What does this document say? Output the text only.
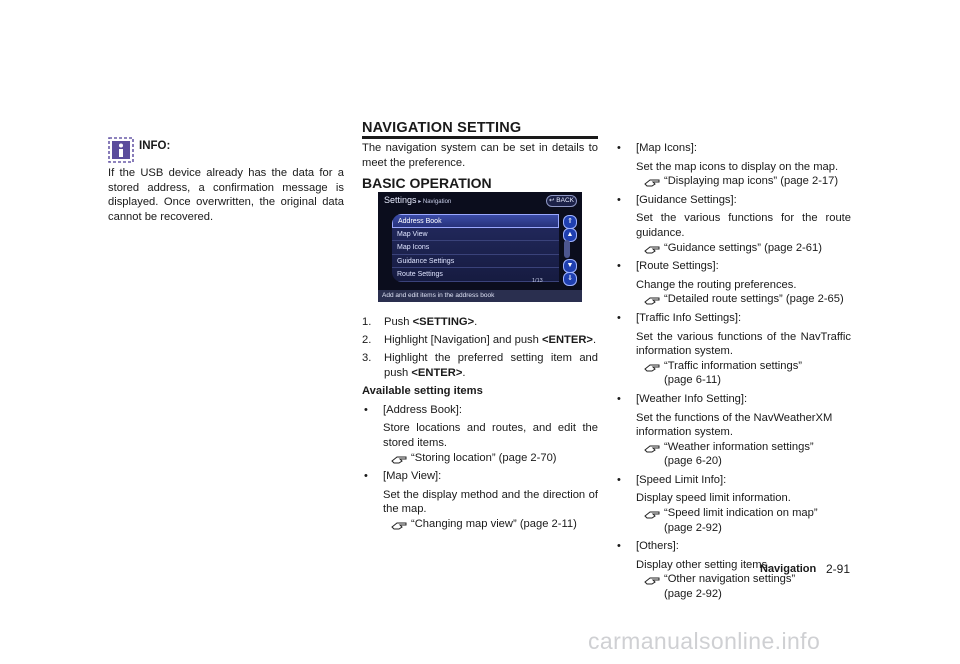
INFO:
If the USB device already has the data for a stored address, a confirmation message is displayed. Once overwritten, the original data cannot be recovered.
NAVIGATION SETTING
The navigation system can be set in details to meet the preference.
BASIC OPERATION
Settings ▸ Navigation	↩ BACK
Address Book
Map View
Map Icons
Guidance Settings
Route Settings
⇑
▲
▼
⇓
1/13
Add and edit items in the address book
1. Push <SETTING>.
2. Highlight [Navigation] and push <ENTER>.
3. Highlight the preferred setting item and push <ENTER>.
Available setting items
• [Address Book]:
Store locations and routes, and edit the stored items.
“Storing location” (page 2-70)
• [Map View]:
Set the display method and the direction of the map.
“Changing map view” (page 2-11)
• [Map Icons]:
Set the map icons to display on the map.
“Displaying map icons” (page 2-17)
• [Guidance Settings]:
Set the various functions for the route guidance.
“Guidance settings” (page 2-61)
• [Route Settings]:
Change the routing preferences.
“Detailed route settings” (page 2-65)
• [Traffic Info Settings]:
Set the various functions of the NavTraffic information system.
“Traffic information settings”
(page 6-11)
• [Weather Info Setting]:
Set the functions of the NavWeatherXM information system.
“Weather information settings”
(page 6-20)
• [Speed Limit Info]:
Display speed limit information.
“Speed limit indication on map”
(page 2-92)
• [Others]:
Display other setting items.
“Other navigation settings”
(page 2-92)
Navigation 2-91
carmanualsonline.info
